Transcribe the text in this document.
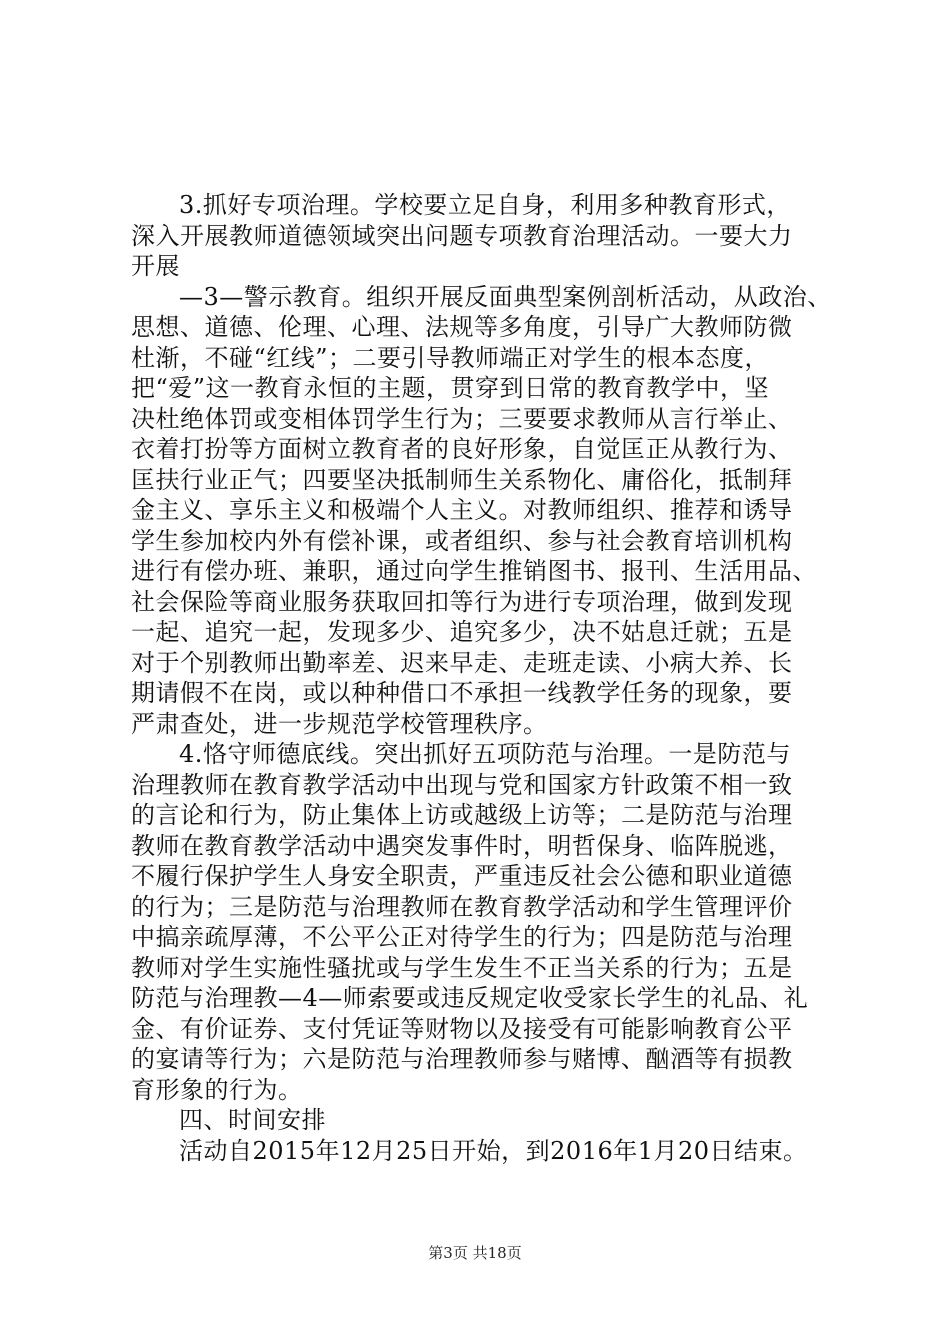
3.抓好专项治理。学校要立足自身，利用多种教育形式，
深入开展教师道德领域突出问题专项教育治理活动。一要大力
开展
—3—警示教育。组织开展反面典型案例剖析活动，从政治、
思想、道德、伦理、心理、法规等多角度，引导广大教师防微
杜渐，不碰“红线”；二要引导教师端正对学生的根本态度，
把“爱”这一教育永恒的主题，贯穿到日常的教育教学中，坚
决杜绝体罚或变相体罚学生行为；三要要求教师从言行举止、
衣着打扮等方面树立教育者的良好形象，自觉匡正从教行为、
匡扶行业正气；四要坚决抵制师生关系物化、庸俗化，抵制拜
金主义、享乐主义和极端个人主义。对教师组织、推荐和诱导
学生参加校内外有偿补课，或者组织、参与社会教育培训机构
进行有偿办班、兼职，通过向学生推销图书、报刊、生活用品、
社会保险等商业服务获取回扣等行为进行专项治理，做到发现
一起、追究一起，发现多少、追究多少，决不姑息迁就；五是
对于个别教师出勤率差、迟来早走、走班走读、小病大养、长
期请假不在岗，或以种种借口不承担一线教学任务的现象，要
严肃查处，进一步规范学校管理秩序。
4.恪守师德底线。突出抓好五项防范与治理。一是防范与
治理教师在教育教学活动中出现与党和国家方针政策不相一致
的言论和行为，防止集体上访或越级上访等；二是防范与治理
教师在教育教学活动中遇突发事件时，明哲保身、临阵脱逃，
不履行保护学生人身安全职责，严重违反社会公德和职业道德
的行为；三是防范与治理教师在教育教学活动和学生管理评价
中搞亲疏厚薄，不公平公正对待学生的行为；四是防范与治理
教师对学生实施性骚扰或与学生发生不正当关系的行为；五是
防范与治理教—4—师索要或违反规定收受家长学生的礼品、礼
金、有价证券、支付凭证等财物以及接受有可能影响教育公平
的宴请等行为；六是防范与治理教师参与赌博、酗酒等有损教
育形象的行为。
四、时间安排
活动自2015年12月25日开始，到2016年1月20日结束。
第3页 共18页
